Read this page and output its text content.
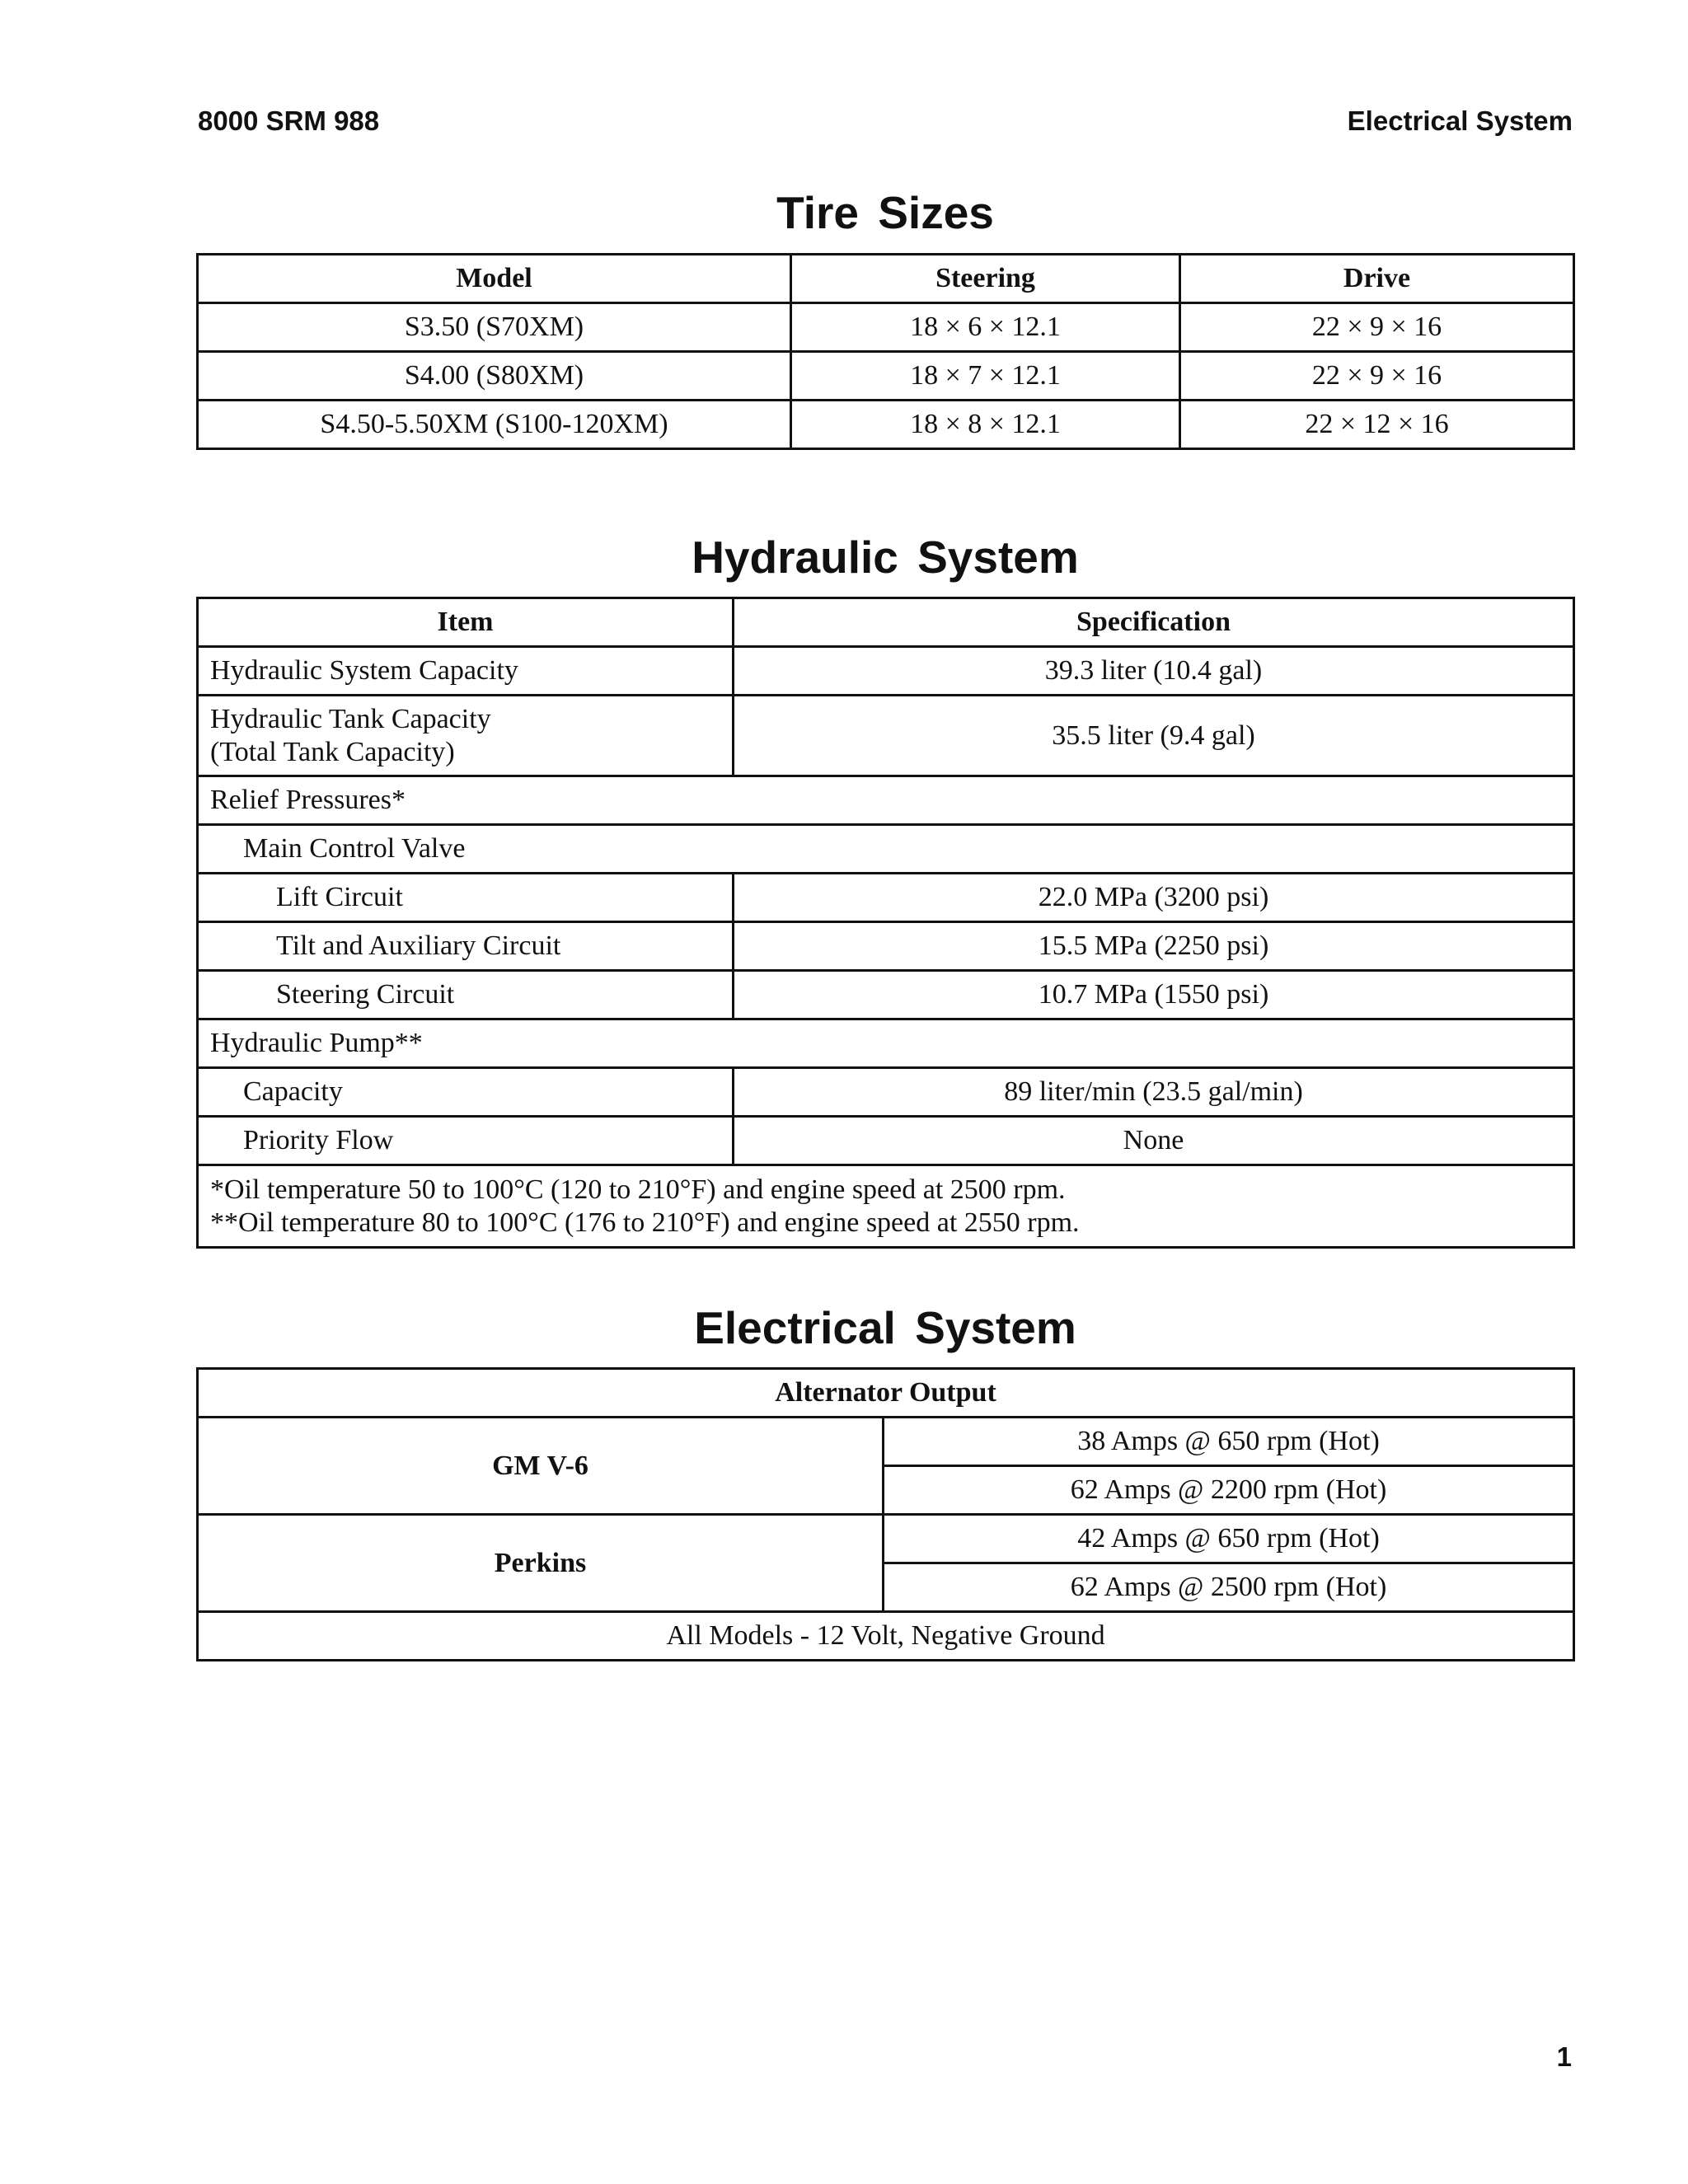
8000 SRM 988	Electrical System
Tire Sizes
Model	Steering	Drive
S3.50 (S70XM)	18 × 6 × 12.1	22 × 9 × 16
S4.00 (S80XM)	18 × 7 × 12.1	22 × 9 × 16
S4.50-5.50XM (S100-120XM)	18 × 8 × 12.1	22 × 12 × 16
Hydraulic System
Item	Specification
Hydraulic System Capacity	39.3 liter (10.4 gal)

Hydraulic Tank Capacity
(Total Tank Capacity)	35.5 liter (9.4 gal)
Relief Pressures*	
Main Control Valve	
Lift Circuit	22.0 MPa (3200 psi)
Tilt and Auxiliary Circuit	15.5 MPa (2250 psi)
Steering Circuit	10.7 MPa (1550 psi)
Hydraulic Pump**	
Capacity	89 liter/min (23.5 gal/min)
Priority Flow	None

*Oil temperature 50 to 100°C (120 to 210°F) and engine speed at 2500 rpm.
**Oil temperature 80 to 100°C (176 to 210°F) and engine speed at 2550 rpm.	
Electrical System
Alternator Output	
GM V-6	38 Amps @ 650 rpm (Hot)
	62 Amps @ 2200 rpm (Hot)
Perkins	42 Amps @ 650 rpm (Hot)
	62 Amps @ 2500 rpm (Hot)
All Models - 12 Volt, Negative Ground	
1
